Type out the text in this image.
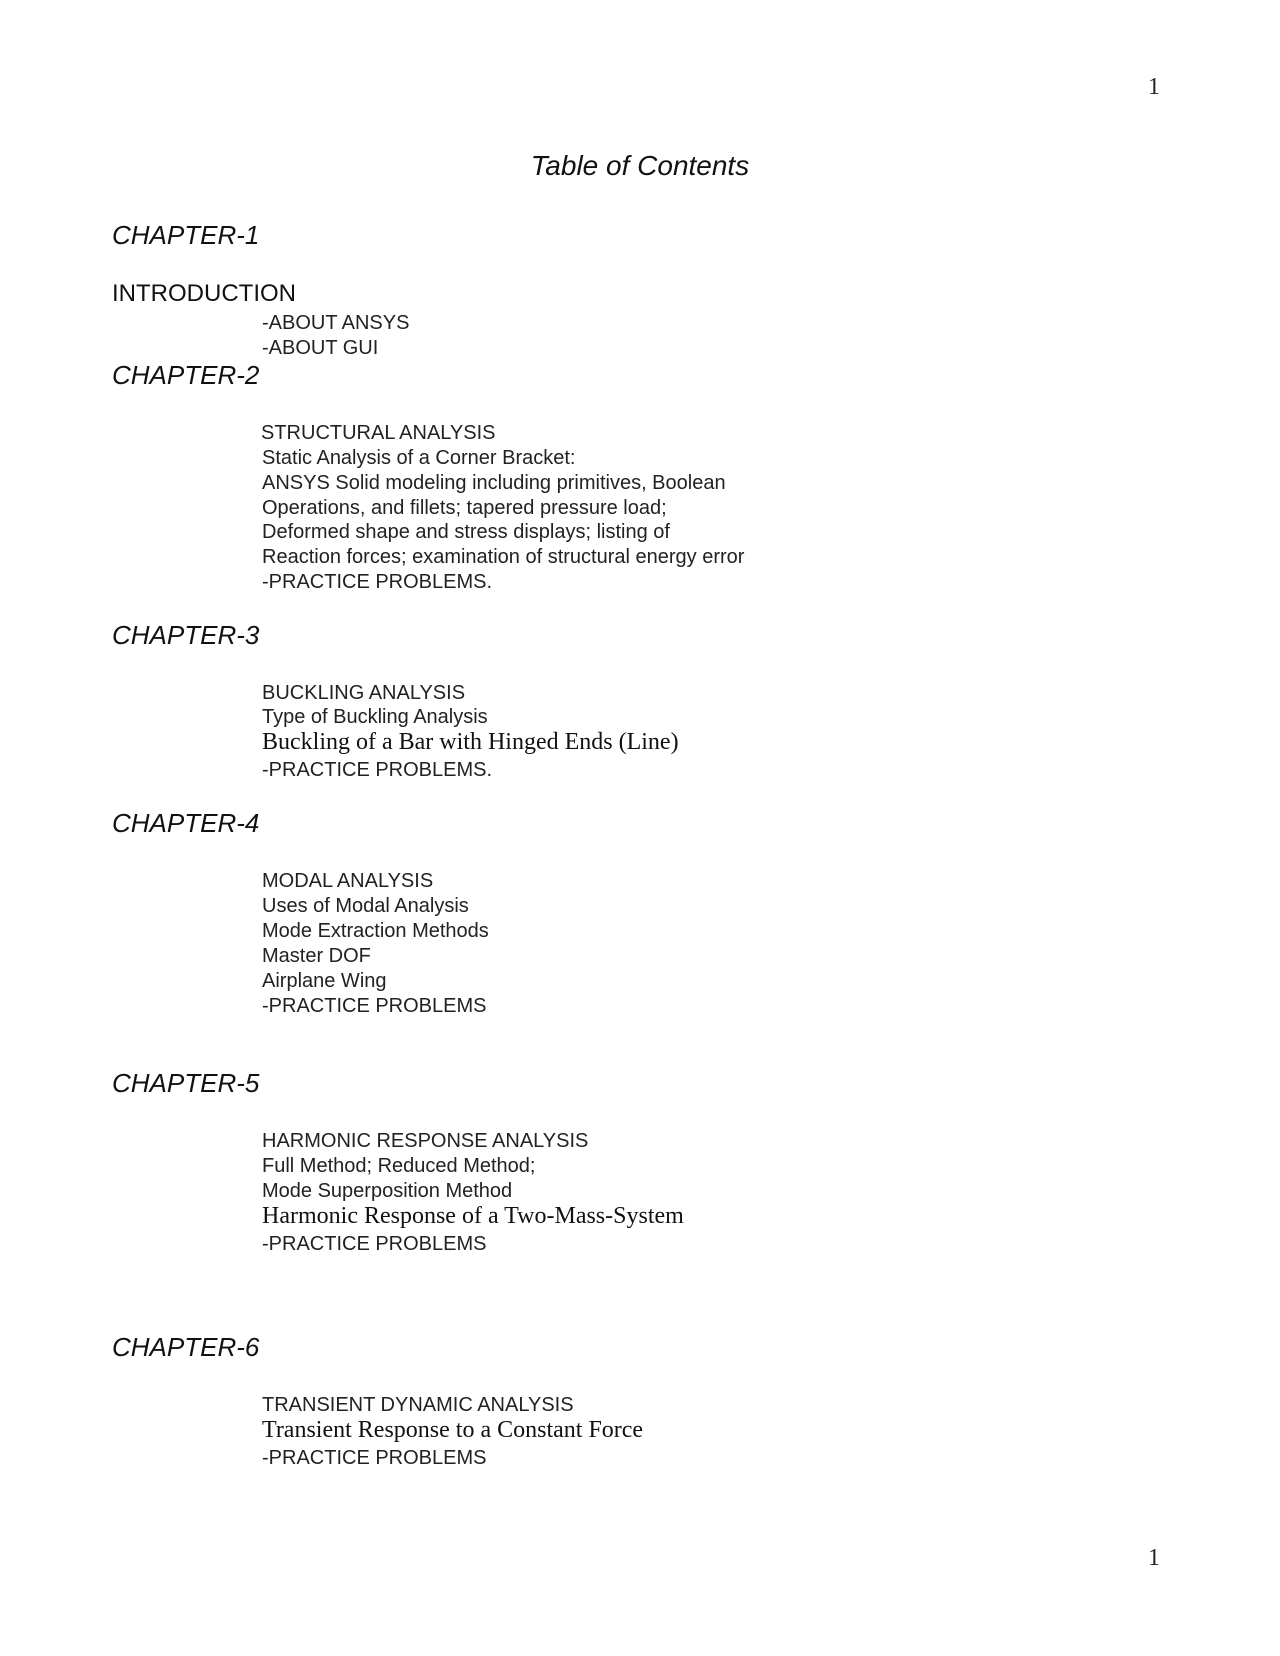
1
Table of Contents
CHAPTER-1
INTRODUCTION
-ABOUT ANSYS
-ABOUT GUI
CHAPTER-2
STRUCTURAL ANALYSIS
Static Analysis of a Corner Bracket:
ANSYS Solid modeling including primitives, Boolean
Operations, and fillets; tapered pressure load;
Deformed shape and stress displays; listing of
Reaction forces; examination of structural energy error
-PRACTICE PROBLEMS.
CHAPTER-3
BUCKLING ANALYSIS
Type of Buckling Analysis
Buckling of a Bar with Hinged Ends (Line)
-PRACTICE PROBLEMS.
CHAPTER-4
MODAL ANALYSIS
Uses of Modal Analysis
Mode Extraction Methods
Master DOF
Airplane Wing
-PRACTICE PROBLEMS
CHAPTER-5
HARMONIC RESPONSE ANALYSIS
Full Method; Reduced Method;
Mode Superposition Method
Harmonic Response of a Two-Mass-System
-PRACTICE PROBLEMS
CHAPTER-6
TRANSIENT DYNAMIC ANALYSIS
Transient Response to a Constant Force
-PRACTICE PROBLEMS
1
